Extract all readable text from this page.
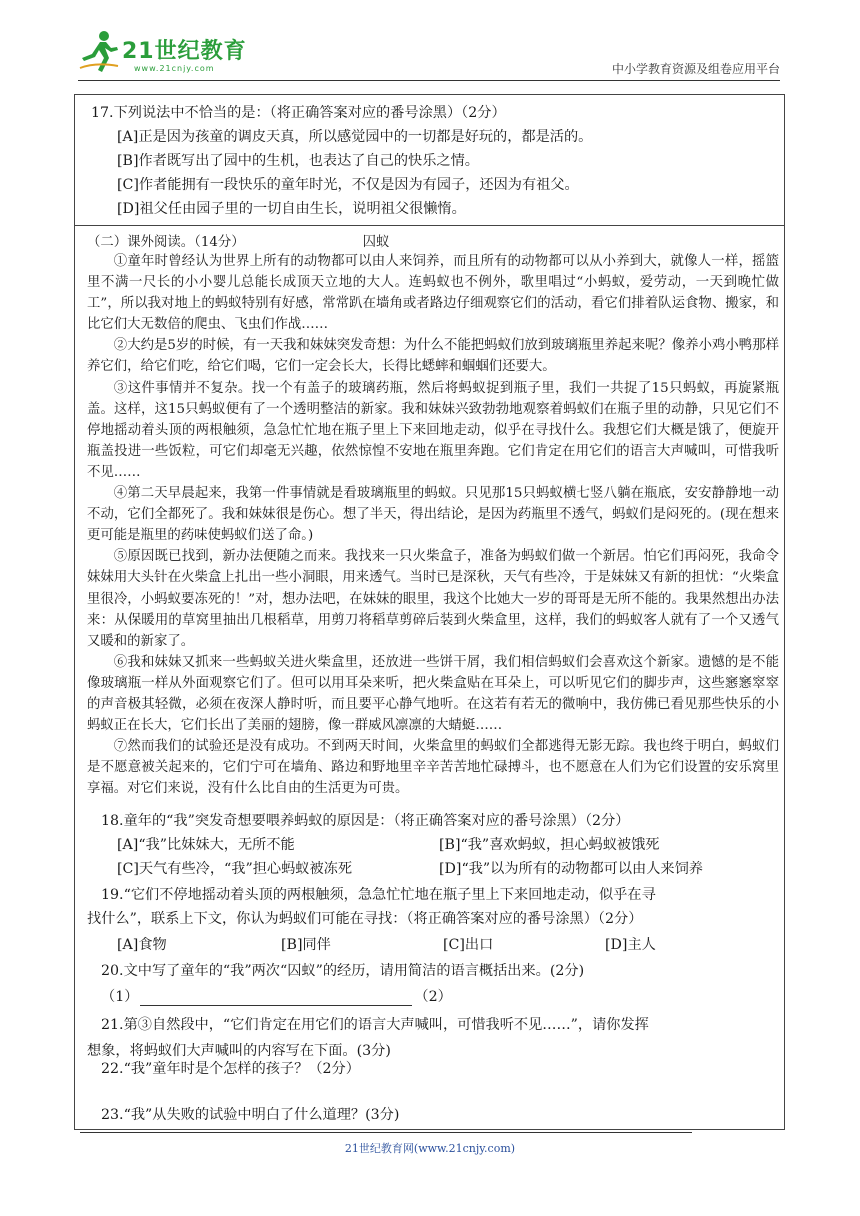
21世纪教育
www.21cnjy.com	中小学教育资源及组卷应用平台
17.下列说法中不恰当的是：（将正确答案对应的番号涂黑）（2分）
[A]正是因为孩童的调皮天真，所以感觉园中的一切都是好玩的，都是活的。
[B]作者既写出了园中的生机，也表达了自己的快乐之情。
[C]作者能拥有一段快乐的童年时光，不仅是因为有园子，还因为有祖父。
[D]祖父任由园子里的一切自由生长，说明祖父很懒惰。
（二）课外阅读。（14分）	囚蚁

①童年时曾经认为世界上所有的动物都可以由人来饲养，而且所有的动物都可以从小养到大，就像人一样，摇篮里不满一尺长的小小婴儿总能长成顶天立地的大人。连蚂蚁也不例外，歌里唱过“小蚂蚁，爱劳动，一天到晚忙做工”，所以我对地上的蚂蚁特别有好感，常常趴在墙角或者路边仔细观察它们的活动，看它们排着队运食物、搬家，和比它们大无数倍的爬虫、飞虫们作战……

②大约是5岁的时候，有一天我和妹妹突发奇想：为什么不能把蚂蚁们放到玻璃瓶里养起来呢？像养小鸡小鸭那样养它们，给它们吃，给它们喝，它们一定会长大，长得比蟋蟀和蝈蝈们还要大。

③这件事情并不复杂。找一个有盖子的玻璃药瓶，然后将蚂蚁捉到瓶子里，我们一共捉了15只蚂蚁，再旋紧瓶盖。这样，这15只蚂蚁便有了一个透明整洁的新家。我和妹妹兴致勃勃地观察着蚂蚁们在瓶子里的动静，只见它们不停地摇动着头顶的两根触须，急急忙忙地在瓶子里上下来回地走动，似乎在寻找什么。我想它们大概是饿了，便旋开瓶盖投进一些饭粒，可它们却毫无兴趣，依然惊惶不安地在瓶里奔跑。它们肯定在用它们的语言大声喊叫，可惜我听不见……

④第二天早晨起来，我第一件事情就是看玻璃瓶里的蚂蚁。只见那15只蚂蚁横七竖八躺在瓶底，安安静静地一动不动，它们全都死了。我和妹妹很是伤心。想了半天，得出结论，是因为药瓶里不透气，蚂蚁们是闷死的。(现在想来更可能是瓶里的药味使蚂蚁们送了命。)

⑤原因既已找到，新办法便随之而来。我找来一只火柴盒子，准备为蚂蚁们做一个新居。怕它们再闷死，我命令妹妹用大头针在火柴盒上扎出一些小洞眼，用来透气。当时已是深秋，天气有些冷，于是妹妹又有新的担忧：“火柴盒里很冷，小蚂蚁要冻死的！”对，想办法吧，在妹妹的眼里，我这个比她大一岁的哥哥是无所不能的。我果然想出办法来：从保暖用的草窝里抽出几根稻草，用剪刀将稻草剪碎后装到火柴盒里，这样，我们的蚂蚁客人就有了一个又透气又暖和的新家了。

⑥我和妹妹又抓来一些蚂蚁关进火柴盒里，还放进一些饼干屑，我们相信蚂蚁们会喜欢这个新家。遗憾的是不能像玻璃瓶一样从外面观察它们了。但可以用耳朵来听，把火柴盒贴在耳朵上，可以听见它们的脚步声，这些窸窸窣窣的声音极其轻微，必须在夜深人静时听，而且要平心静气地听。在这若有若无的微响中，我仿佛已看见那些快乐的小蚂蚁正在长大，它们长出了美丽的翅膀，像一群威风凛凛的大蜻蜓……

⑦然而我们的试验还是没有成功。不到两天时间，火柴盒里的蚂蚁们全都逃得无影无踪。我也终于明白，蚂蚁们是不愿意被关起来的，它们宁可在墙角、路边和野地里辛辛苦苦地忙碌搏斗，也不愿意在人们为它们设置的安乐窝里享福。对它们来说，没有什么比自由的生活更为可贵。

18.童年的“我”突发奇想要喂养蚂蚁的原因是：（将正确答案对应的番号涂黑）（2分）
[A]“我”比妹妹大，无所不能	[B]“我”喜欢蚂蚁，担心蚂蚁被饿死
[C]天气有些冷，“我”担心蚂蚁被冻死	[D]“我”以为所有的动物都可以由人来饲养
19.“它们不停地摇动着头顶的两根触须，急急忙忙地在瓶子里上下来回地走动，似乎在寻
找什么”，联系上下文，你认为蚂蚁们可能在寻找：（将正确答案对应的番号涂黑）（2分）
[A]食物	[B]同伴	[C]出口	[D]主人
20.文中写了童年的“我”两次“囚蚁”的经历，请用简洁的语言概括出来。(2分)
（1）	（2）
21.第③自然段中，“它们肯定在用它们的语言大声喊叫，可惜我听不见……”，请你发挥
想象，将蚂蚁们大声喊叫的内容写在下面。(3分)
22.“我”童年时是个怎样的孩子？（2分）
23.“我”从失败的试验中明白了什么道理？(3分)
21世纪教育网(www.21cnjy.com)
